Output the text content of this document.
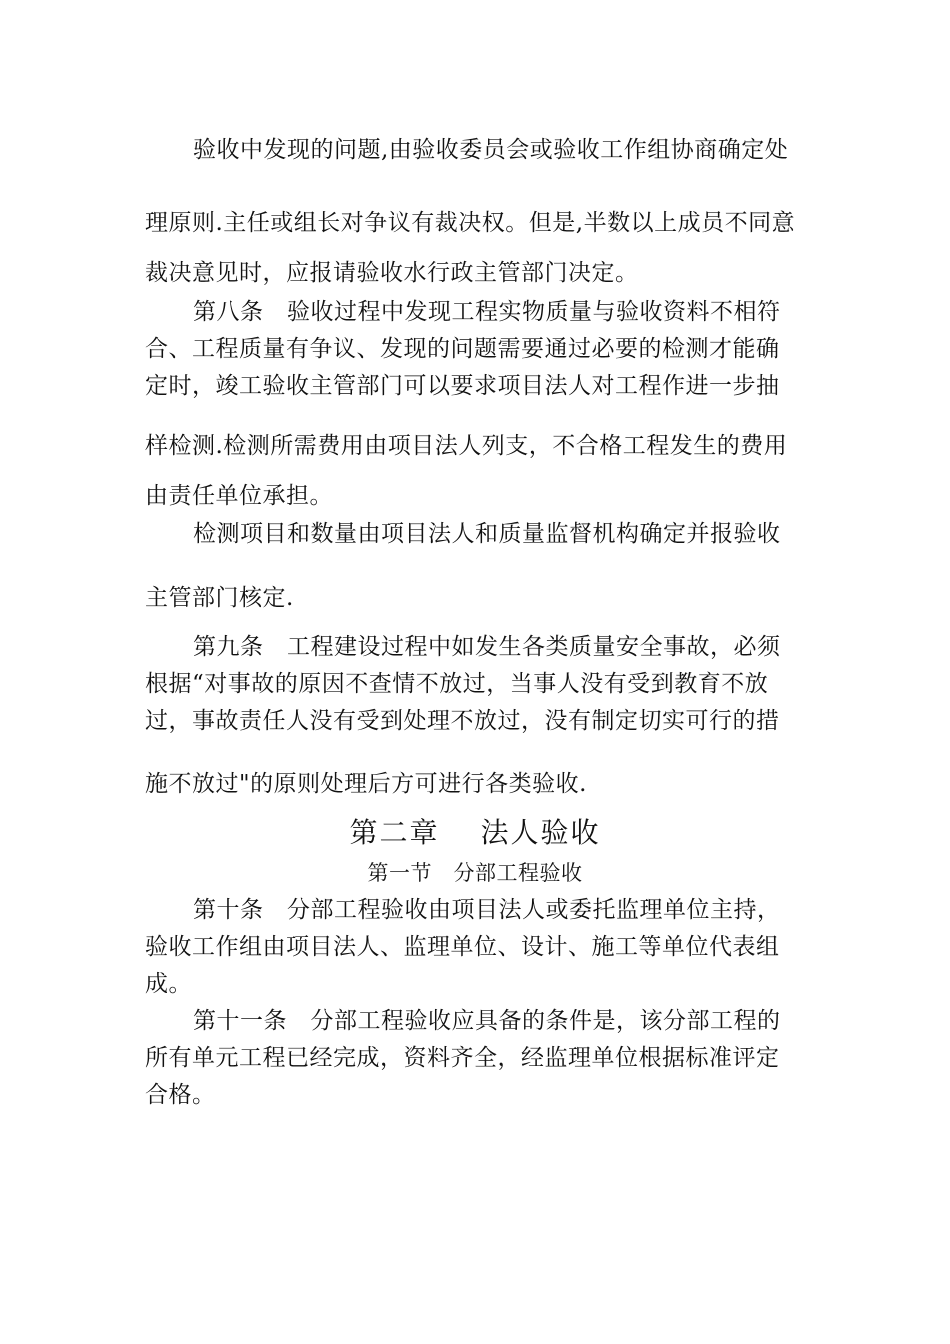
验收中发现的问题,由验收委员会或验收工作组协商确定处
理原则.主任或组长对争议有裁决权。但是,半数以上成员不同意
裁决意见时，应报请验收水行政主管部门决定。
第八条　验收过程中发现工程实物质量与验收资料不相符
合、工程质量有争议、发现的问题需要通过必要的检测才能确
定时，竣工验收主管部门可以要求项目法人对工程作进一步抽
样检测.检测所需费用由项目法人列支，不合格工程发生的费用
由责任单位承担。
检测项目和数量由项目法人和质量监督机构确定并报验收
主管部门核定.
第九条　工程建设过程中如发生各类质量安全事故，必须
根据“对事故的原因不查情不放过，当事人没有受到教育不放
过，事故责任人没有受到处理不放过，没有制定切实可行的措
施不放过"的原则处理后方可进行各类验收.
第二章　 法人验收
第一节　分部工程验收
第十条　分部工程验收由项目法人或委托监理单位主持，
验收工作组由项目法人、监理单位、设计、施工等单位代表组
成。
第十一条　分部工程验收应具备的条件是，该分部工程的
所有单元工程已经完成，资料齐全，经监理单位根据标准评定
合格。
